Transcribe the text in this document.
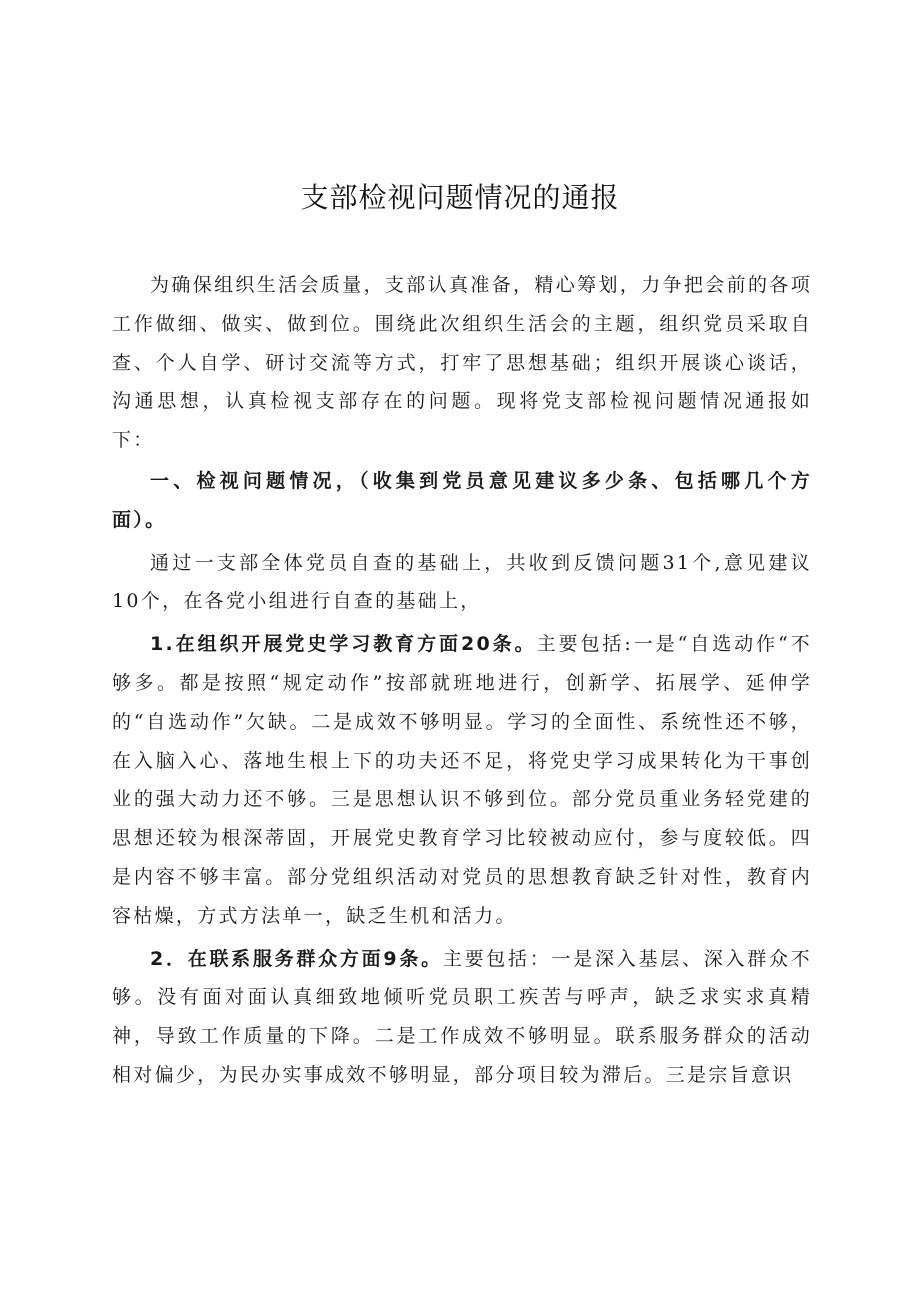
支部检视问题情况的通报

为确保组织生活会质量，支部认真准备，精心筹划，力争把会前的各项工作做细、做实、做到位。围绕此次组织生活会的主题，组织党员采取自查、个人自学、研讨交流等方式，打牢了思想基础；组织开展谈心谈话，沟通思想，认真检视支部存在的问题。现将党支部检视问题情况通报如下：

一、检视问题情况，（收集到党员意见建议多少条、包括哪几个方面）。

通过一支部全体党员自查的基础上，共收到反馈问题31个,意见建议10个，在各党小组进行自查的基础上，

1.在组织开展党史学习教育方面20条。主要包括:一是“自选动作“不够多。都是按照“规定动作”按部就班地进行，创新学、拓展学、延伸学的“自选动作”欠缺。二是成效不够明显。学习的全面性、系统性还不够，在入脑入心、落地生根上下的功夫还不足，将党史学习成果转化为干事创业的强大动力还不够。三是思想认识不够到位。部分党员重业务轻党建的思想还较为根深蒂固，开展党史教育学习比较被动应付，参与度较低。四是内容不够丰富。部分党组织活动对党员的思想教育缺乏针对性，教育内容枯燥，方式方法单一，缺乏生机和活力。

2．在联系服务群众方面9条。主要包括：一是深入基层、深入群众不够。没有面对面认真细致地倾听党员职工疾苦与呼声，缺乏求实求真精神，导致工作质量的下降。二是工作成效不够明显。联系服务群众的活动相对偏少，为民办实事成效不够明显，部分项目较为滞后。三是宗旨意识
